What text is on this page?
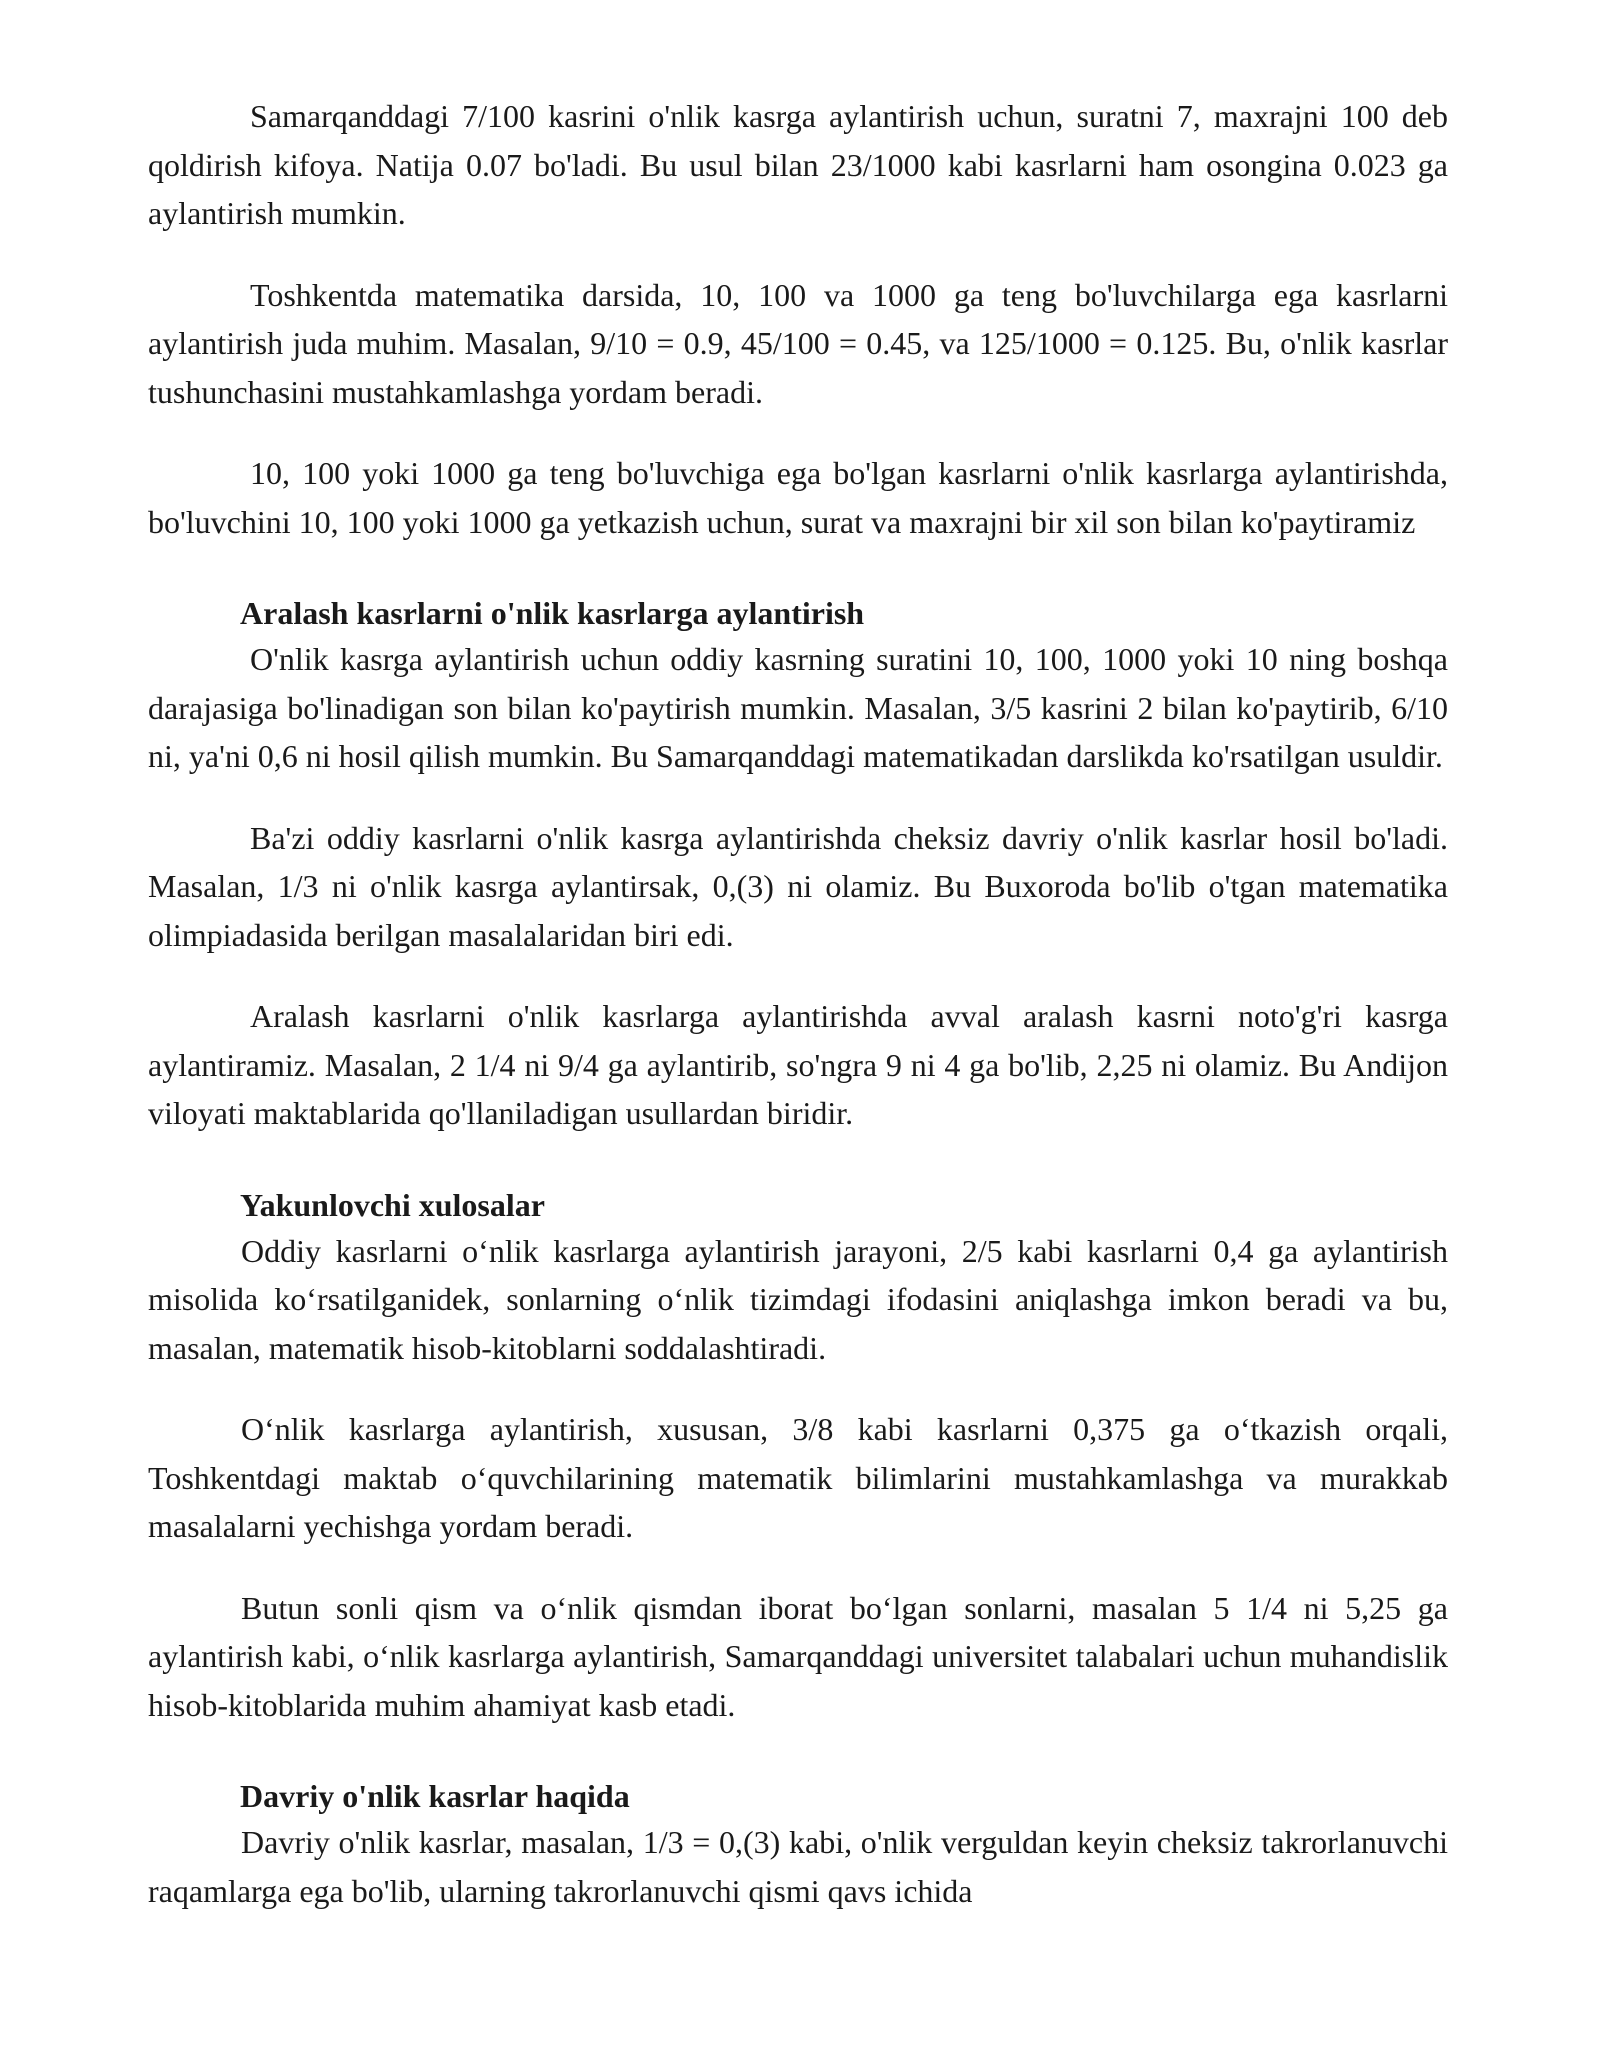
Samarqanddagi 7/100 kasrini o'nlik kasrga aylantirish uchun, suratni 7, maxrajni 100 deb qoldirish kifoya. Natija 0.07 bo'ladi. Bu usul bilan 23/1000 kabi kasrlarni ham osongina 0.023 ga aylantirish mumkin.

Toshkentda matematika darsida, 10, 100 va 1000 ga teng bo'luvchilarga ega kasrlarni aylantirish juda muhim. Masalan, 9/10 = 0.9, 45/100 = 0.45, va 125/1000 = 0.125. Bu, o'nlik kasrlar tushunchasini mustahkamlashga yordam beradi.

10, 100 yoki 1000 ga teng bo'luvchiga ega bo'lgan kasrlarni o'nlik kasrlarga aylantirishda, bo'luvchini 10, 100 yoki 1000 ga yetkazish uchun, surat va maxrajni bir xil son bilan ko'paytiramiz

Aralash kasrlarni o'nlik kasrlarga aylantirish

O'nlik kasrga aylantirish uchun oddiy kasrning suratini 10, 100, 1000 yoki 10 ning boshqa darajasiga bo'linadigan son bilan ko'paytirish mumkin. Masalan, 3/5 kasrini 2 bilan ko'paytirib, 6/10 ni, ya'ni 0,6 ni hosil qilish mumkin. Bu Samarqanddagi matematikadan darslikda ko'rsatilgan usuldir.

Ba'zi oddiy kasrlarni o'nlik kasrga aylantirishda cheksiz davriy o'nlik kasrlar hosil bo'ladi. Masalan, 1/3 ni o'nlik kasrga aylantirsak, 0,(3) ni olamiz. Bu Buxoroda bo'lib o'tgan matematika olimpiadasida berilgan masalalaridan biri edi.

Aralash kasrlarni o'nlik kasrlarga aylantirishda avval aralash kasrni noto'g'ri kasrga aylantiramiz. Masalan, 2 1/4 ni 9/4 ga aylantirib, so'ngra 9 ni 4 ga bo'lib, 2,25 ni olamiz. Bu Andijon viloyati maktablarida qo'llaniladigan usullardan biridir.

Yakunlovchi xulosalar

Oddiy kasrlarni o‘nlik kasrlarga aylantirish jarayoni, 2/5 kabi kasrlarni 0,4 ga aylantirish misolida ko‘rsatilganidek, sonlarning o‘nlik tizimdagi ifodasini aniqlashga imkon beradi va bu, masalan, matematik hisob-kitoblarni soddalashtiradi.

O‘nlik kasrlarga aylantirish, xususan, 3/8 kabi kasrlarni 0,375 ga o‘tkazish orqali, Toshkentdagi maktab o‘quvchilarining matematik bilimlarini mustahkamlashga va murakkab masalalarni yechishga yordam beradi.

Butun sonli qism va o‘nlik qismdan iborat bo‘lgan sonlarni, masalan 5 1/4 ni 5,25 ga aylantirish kabi, o‘nlik kasrlarga aylantirish, Samarqanddagi universitet talabalari uchun muhandislik hisob-kitoblarida muhim ahamiyat kasb etadi.

Davriy o'nlik kasrlar haqida

Davriy o'nlik kasrlar, masalan, 1/3 = 0,(3) kabi, o'nlik verguldan keyin cheksiz takrorlanuvchi raqamlarga ega bo'lib, ularning takrorlanuvchi qismi qavs ichida
